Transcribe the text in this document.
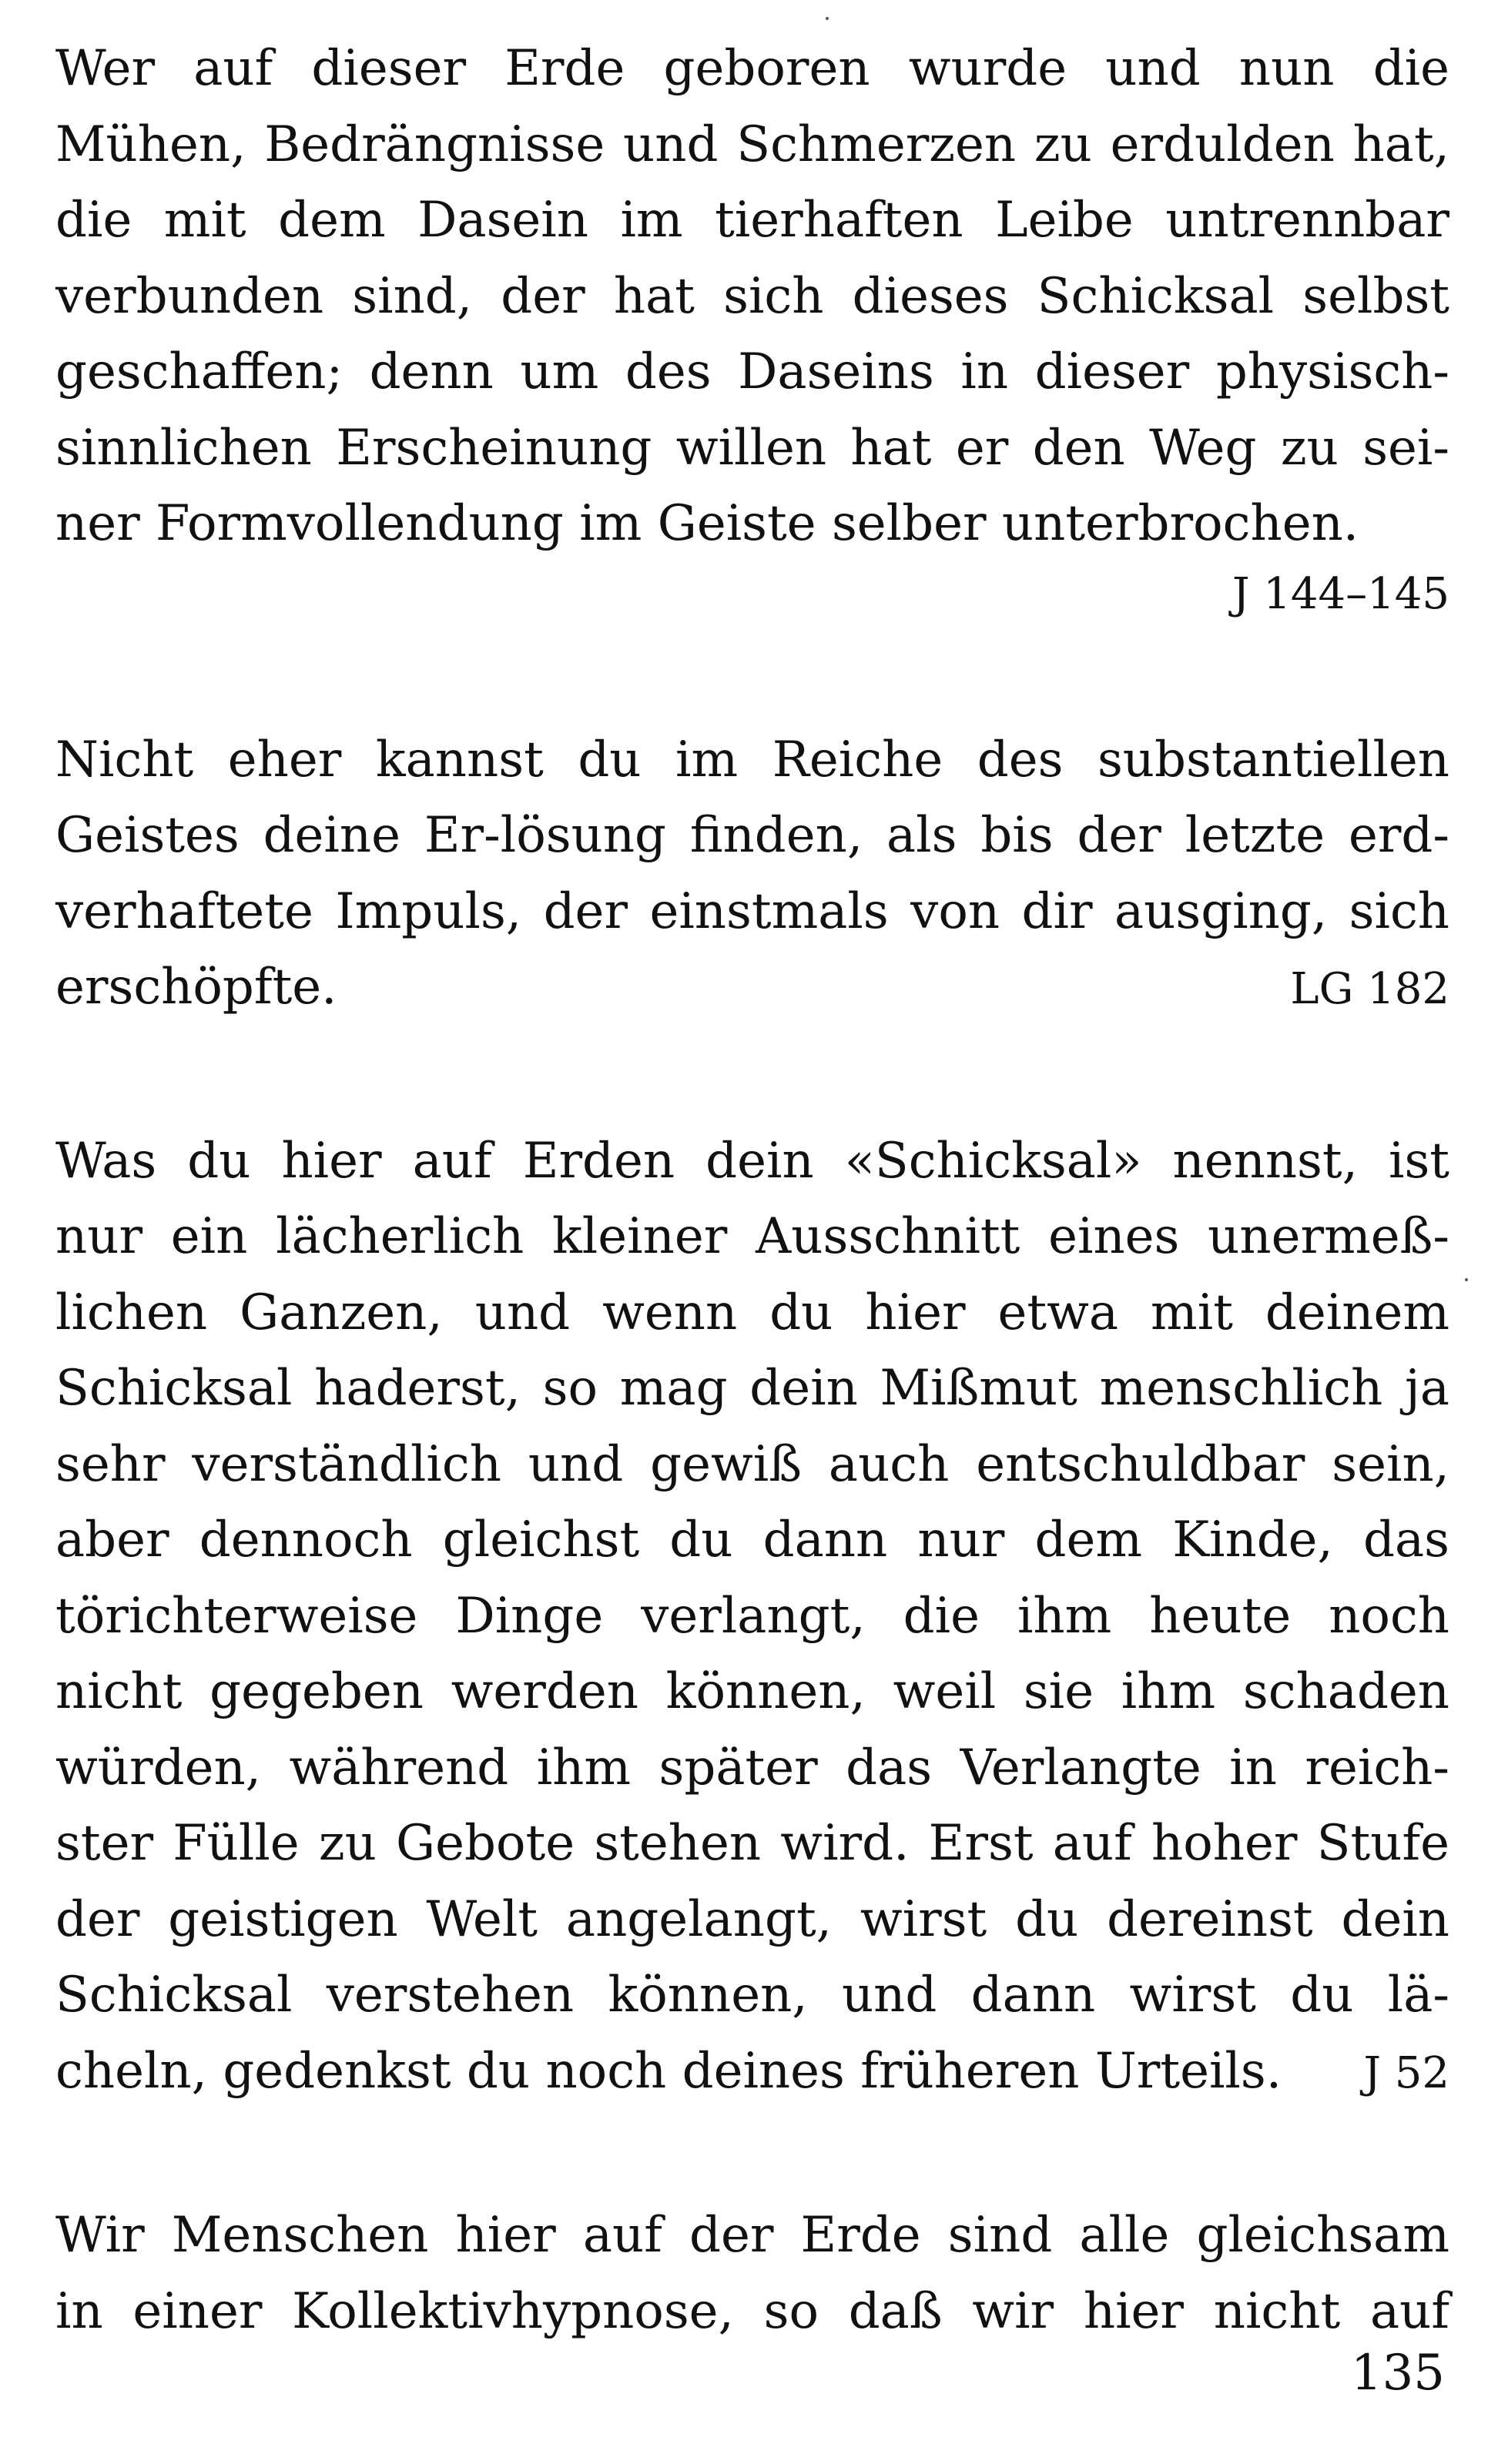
Wer auf dieser Erde geboren wurde und nun die
Mühen, Bedrängnisse und Schmerzen zu erdulden hat,
die mit dem Dasein im tierhaften Leibe untrennbar
verbunden sind, der hat sich dieses Schicksal selbst
geschaffen; denn um des Daseins in dieser physisch-
sinnlichen Erscheinung willen hat er den Weg zu sei-
ner Formvollendung im Geiste selber unterbrochen.
J 144–145
Nicht eher kannst du im Reiche des substantiellen
Geistes deine Er-lösung finden, als bis der letzte erd-
verhaftete Impuls, der einstmals von dir ausging, sich
erschöpfte.	LG 182
Was du hier auf Erden dein «Schicksal» nennst, ist
nur ein lächerlich kleiner Ausschnitt eines unermeß-
lichen Ganzen, und wenn du hier etwa mit deinem
Schicksal haderst, so mag dein Mißmut menschlich ja
sehr verständlich und gewiß auch entschuldbar sein,
aber dennoch gleichst du dann nur dem Kinde, das
törichterweise Dinge verlangt, die ihm heute noch
nicht gegeben werden können, weil sie ihm schaden
würden, während ihm später das Verlangte in reich-
ster Fülle zu Gebote stehen wird. Erst auf hoher Stufe
der geistigen Welt angelangt, wirst du dereinst dein
Schicksal verstehen können, und dann wirst du lä-
cheln, gedenkst du noch deines früheren Urteils. J 52
Wir Menschen hier auf der Erde sind alle gleichsam
in einer Kollektivhypnose, so daß wir hier nicht auf
135
